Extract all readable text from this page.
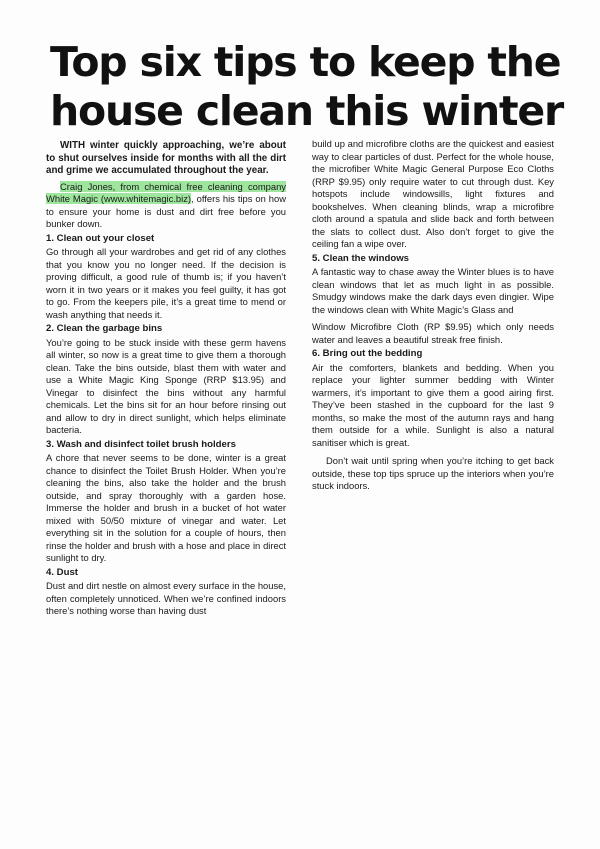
Top six tips to keep the
house clean this winter

WITH winter quickly approaching, we’re about to shut ourselves inside for months with all the dirt and grime we accumulated throughout the year.

Craig Jones, from chemical free cleaning company White Magic (www.whitemagic.biz), offers his tips on how to ensure your home is dust and dirt free before you bunker down.

1. Clean out your closet

Go through all your wardrobes and get rid of any clothes that you know you no longer need. If the decision is proving difficult, a good rule of thumb is; if you haven’t worn it in two years or it makes you feel guilty, it has got to go. From the keepers pile, it’s a great time to mend or wash anything that needs it.

2. Clean the garbage bins

You’re going to be stuck inside with these germ havens all winter, so now is a great time to give them a thorough clean. Take the bins outside, blast them with water and use a White Magic King Sponge (RRP $13.95) and Vinegar to disinfect the bins without any harmful chemicals. Let the bins sit for an hour before rinsing out and allow to dry in direct sunlight, which helps eliminate bacteria.

3. Wash and disinfect toilet brush holders

A chore that never seems to be done, winter is a great chance to disinfect the Toilet Brush Holder. When you’re cleaning the bins, also take the holder and the brush outside, and spray thoroughly with a garden hose. Immerse the holder and brush in a bucket of hot water mixed with 50/50 mixture of vinegar and water. Let everything sit in the solution for a couple of hours, then rinse the holder and brush with a hose and place in direct sunlight to dry.

4. Dust

Dust and dirt nestle on almost every surface in the house, often completely unnoticed. When we’re confined indoors there’s nothing worse than having dust

build up and microfibre cloths are the quickest and easiest way to clear particles of dust. Perfect for the whole house, the microfiber White Magic General Purpose Eco Cloths (RRP $9.95) only require water to cut through dust. Key hotspots include windowsills, light fixtures and bookshelves. When cleaning blinds, wrap a microfibre cloth around a spatula and slide back and forth between the slats to collect dust. Also don’t forget to give the ceiling fan a wipe over.

5. Clean the windows

A fantastic way to chase away the Winter blues is to have clean windows that let as much light in as possible. Smudgy windows make the dark days even dingier. Wipe the windows clean with White Magic’s Glass and

Window Microfibre Cloth (RP $9.95) which only needs water and leaves a beautiful streak free finish.

6. Bring out the bedding

Air the comforters, blankets and bedding. When you replace your lighter summer bedding with Winter warmers, it’s important to give them a good airing first. They’ve been stashed in the cupboard for the last 9 months, so make the most of the autumn rays and hang them outside for a while. Sunlight is also a natural sanitiser which is great.

Don’t wait until spring when you’re itching to get back outside, these top tips spruce up the interiors when you’re stuck indoors.
